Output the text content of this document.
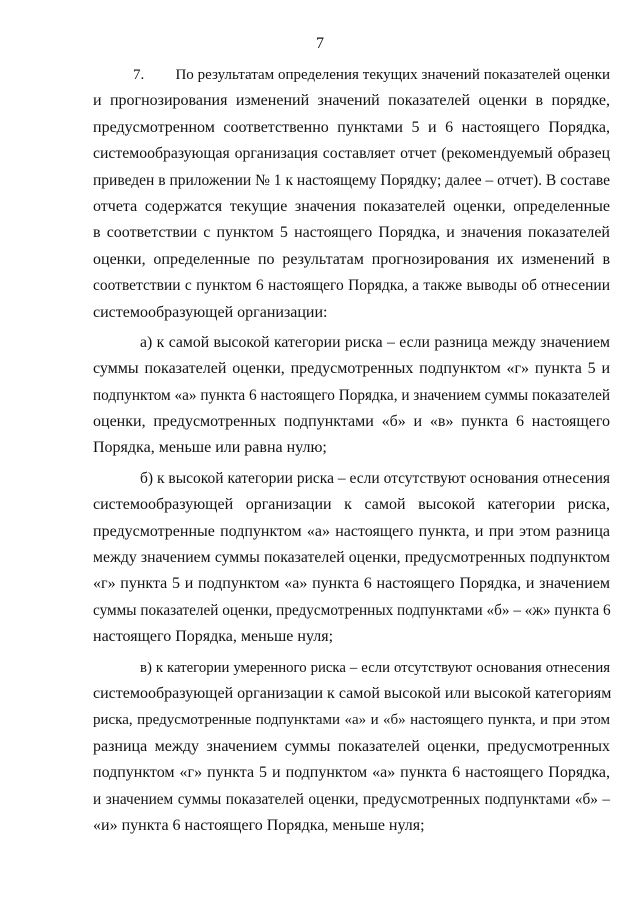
7
7.        По результатам определения текущих значений показателей оценки
и прогнозирования изменений значений показателей оценки в порядке,
предусмотренном соответственно пунктами 5 и 6 настоящего Порядка,
системообразующая организация составляет отчет (рекомендуемый образец
приведен в приложении № 1 к настоящему Порядку; далее – отчет). В составе
отчета содержатся текущие значения показателей оценки, определенные
в соответствии с пунктом 5 настоящего Порядка, и значения показателей
оценки, определенные по результатам прогнозирования их изменений в
соответствии с пунктом 6 настоящего Порядка, а также выводы об отнесении
системообразующей организации:
а) к самой высокой категории риска – если разница между значением
суммы показателей оценки, предусмотренных подпунктом «г» пункта 5 и
подпунктом «а» пункта 6 настоящего Порядка, и значением суммы показателей
оценки, предусмотренных подпунктами «б» и «в» пункта 6 настоящего
Порядка, меньше или равна нулю;
б) к высокой категории риска – если отсутствуют основания отнесения
системообразующей организации к самой высокой категории риска,
предусмотренные подпунктом «а» настоящего пункта, и при этом разница
между значением суммы показателей оценки, предусмотренных подпунктом
«г» пункта 5 и подпунктом «а» пункта 6 настоящего Порядка, и значением
суммы показателей оценки, предусмотренных подпунктами «б» – «ж» пункта 6
настоящего Порядка, меньше нуля;
в) к категории умеренного риска – если отсутствуют основания отнесения
системообразующей организации к самой высокой или высокой категориям
риска, предусмотренные подпунктами «а» и «б» настоящего пункта, и при этом
разница между значением суммы показателей оценки, предусмотренных
подпунктом «г» пункта 5 и подпунктом «а» пункта 6 настоящего Порядка,
и значением суммы показателей оценки, предусмотренных подпунктами «б» –
«и» пункта 6 настоящего Порядка, меньше нуля;
